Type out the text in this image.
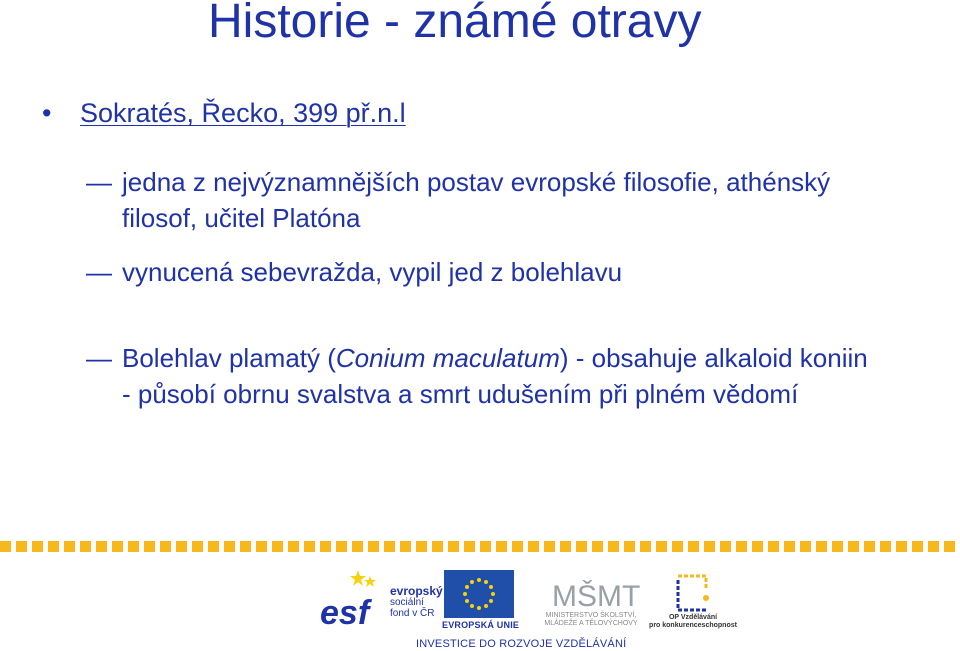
Historie - známé otravy
• Sokratés, Řecko, 399 př.n.l
— jedna z nejvýznamnějších postav evropské filosofie, athénský filosof, učitel Platóna
— vynucená sebevražda, vypil jed z bolehlavu
— Bolehlav plamatý (Conium maculatum) - obsahuje alkaloid koniin - působí obrnu svalstva a smrt udušením při plném vědomí
esf
evropský
sociální
fond v ČR
EVROPSKÁ UNIE
MŠMT
MINISTERSTVO ŠKOLSTVÍ,
MLÁDEŽE A TĚLOVÝCHOVY
OP Vzdělávání
pro konkurenceschopnost
INVESTICE DO ROZVOJE VZDĚLÁVÁNÍ
